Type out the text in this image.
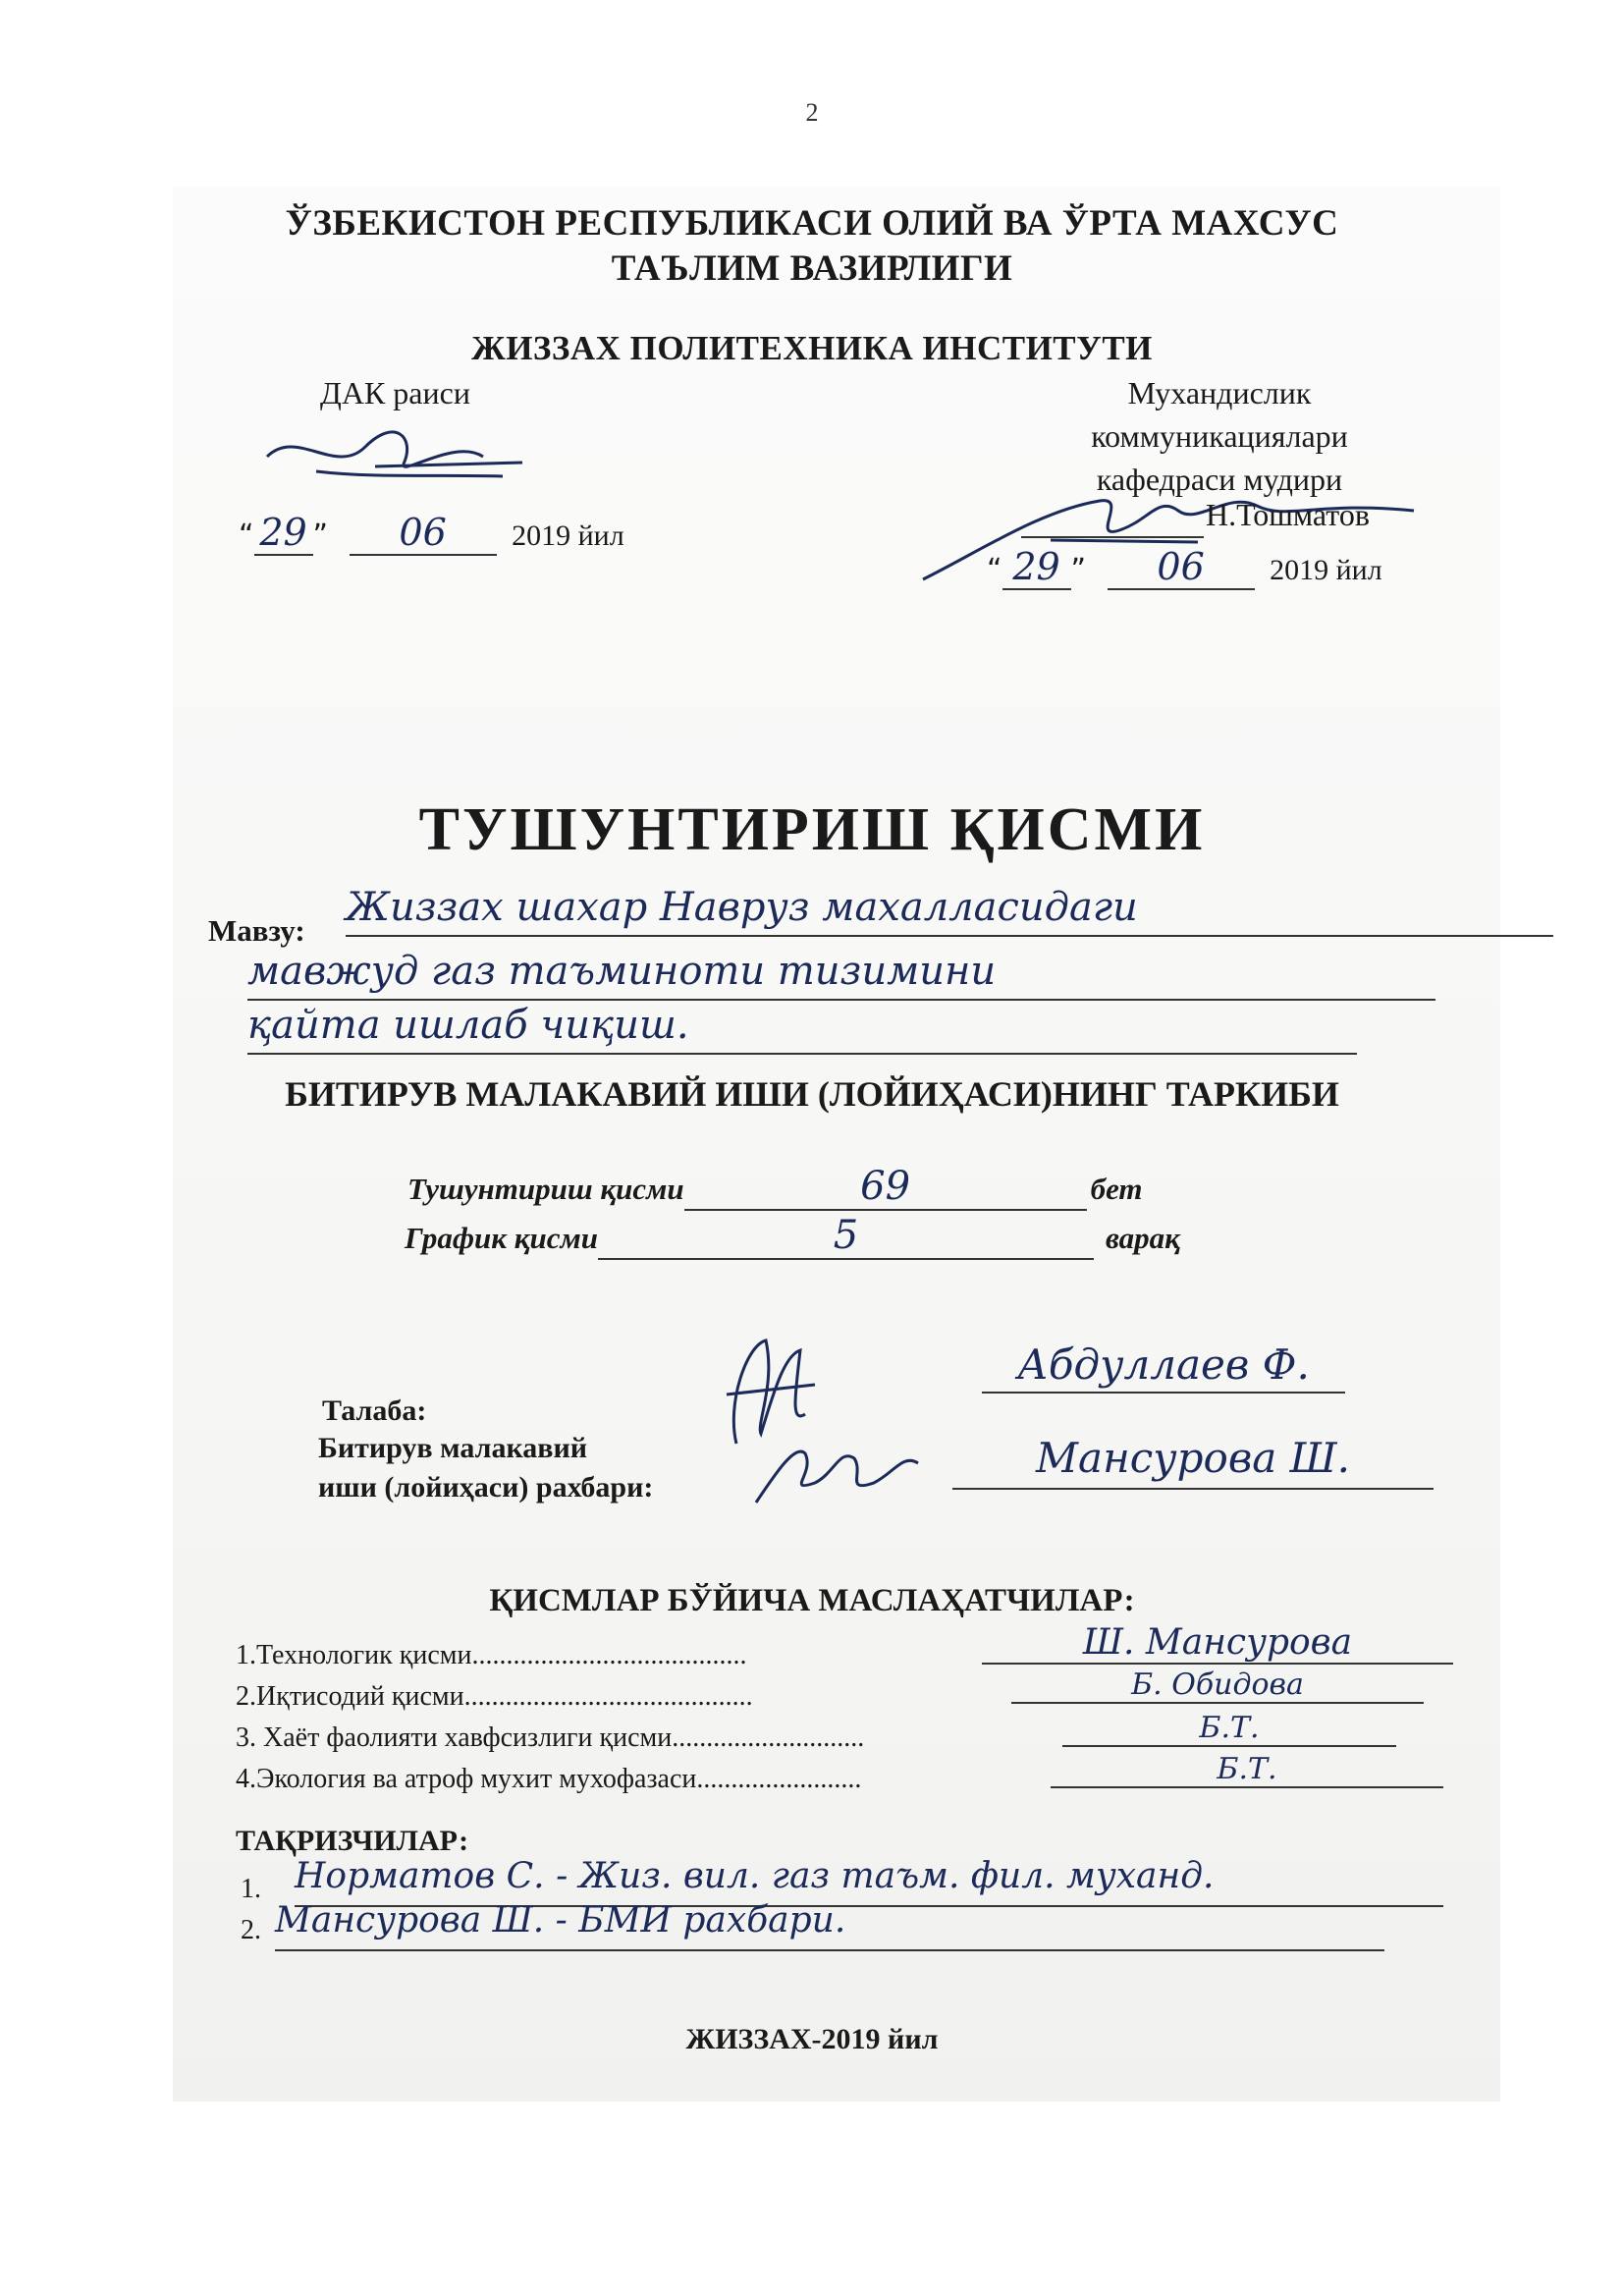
2
ЎЗБЕКИСТОН РЕСПУБЛИКАСИ ОЛИЙ ВА ЎРТА МАХСУС
ТАЪЛИМ ВАЗИРЛИГИ
ЖИЗЗАХ ПОЛИТЕХНИКА ИНСТИТУТИ
ДАК раиси
“ 29 ” 06 2019 йил
Мухандислик
коммуникациялари
кафедраси мудири
Н.Тошматов
“ 29 ” 06 2019 йил
ТУШУНТИРИШ ҚИСМИ
Мавзу:
Жиззах шахар Навруз махалласидаги
мавжуд газ таъминоти тизимини
қайта ишлаб чиқиш.
БИТИРУВ МАЛАКАВИЙ ИШИ (ЛОЙИҲАСИ)НИНГ ТАРКИБИ
Тушунтириш қисми	69	бет
График қисми	5	варақ
Талаба:
Абдуллаев Ф.
Битирув малакавий
иши (лойиҳаси) рахбари:
Мансурова Ш.
ҚИСМЛАР БЎЙИЧА МАСЛАҲАТЧИЛАР:
1.Технологик қисми........................................	Ш. Мансурова
2.Иқтисодий қисми..........................................	Б. Обидова
3. Хаёт фаолияти хавфсизлиги қисми............................	Б.Т.
4.Экология ва атроф мухит мухофазаси........................	Б.Т.
ТАҚРИЗЧИЛАР:
1. Норматов С. - Жиз. вил. газ таъм. фил. муханд.
2. Мансурова Ш. - БМИ рахбари.
ЖИЗЗАХ-2019 йил
